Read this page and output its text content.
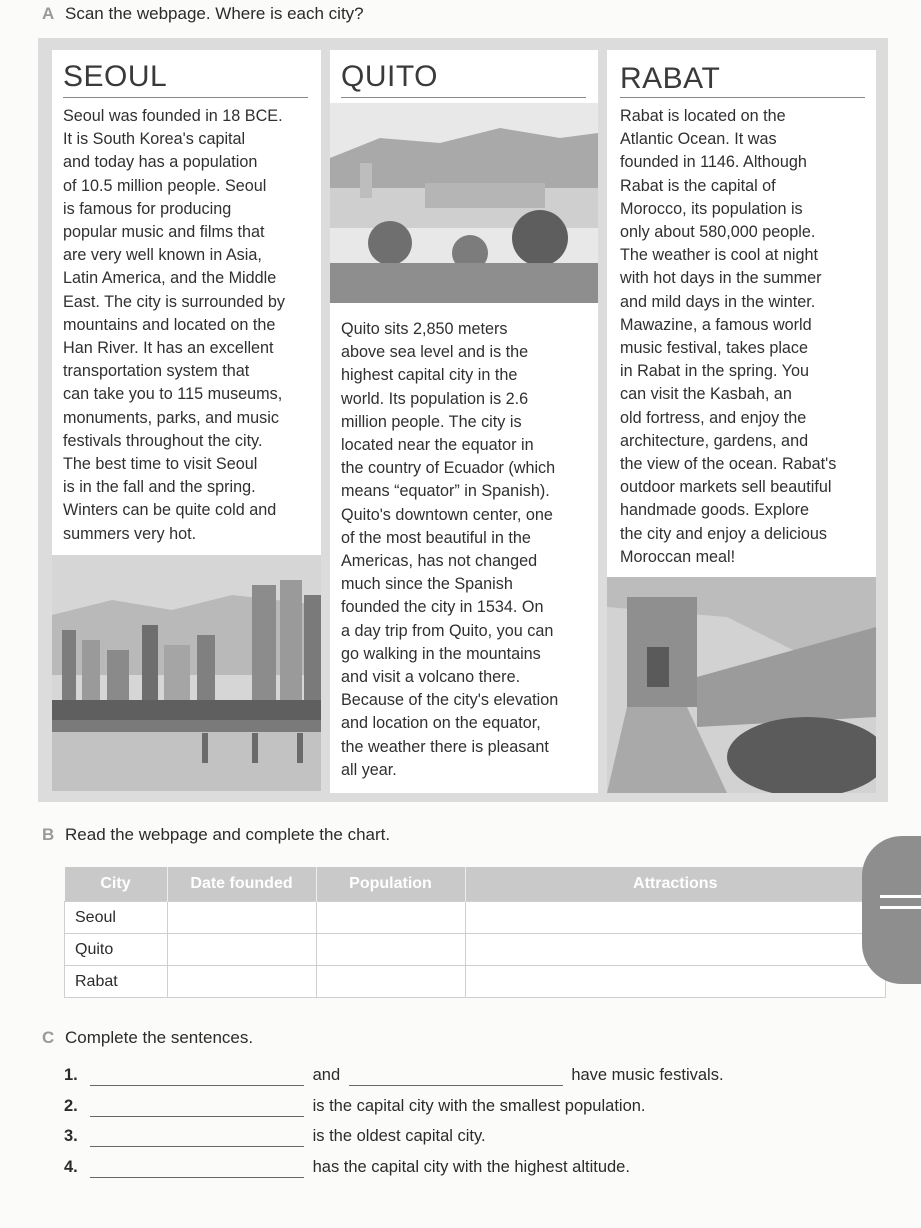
A Scan the webpage. Where is each city?
SEOUL
Seoul was founded in 18 BCE.
It is South Korea's capital
and today has a population
of 10.5 million people. Seoul
is famous for producing
popular music and films that
are very well known in Asia,
Latin America, and the Middle
East. The city is surrounded by
mountains and located on the
Han River. It has an excellent
transportation system that
can take you to 115 museums,
monuments, parks, and music
festivals throughout the city.
The best time to visit Seoul
is in the fall and the spring.
Winters can be quite cold and
summers very hot.
QUITO
Quito sits 2,850 meters
above sea level and is the
highest capital city in the
world. Its population is 2.6
million people. The city is
located near the equator in
the country of Ecuador (which
means “equator” in Spanish).
Quito's downtown center, one
of the most beautiful in the
Americas, has not changed
much since the Spanish
founded the city in 1534. On
a day trip from Quito, you can
go walking in the mountains
and visit a volcano there.
Because of the city's elevation
and location on the equator,
the weather there is pleasant
all year.
RABAT
Rabat is located on the
Atlantic Ocean. It was
founded in 1146. Although
Rabat is the capital of
Morocco, its population is
only about 580,000 people.
The weather is cool at night
with hot days in the summer
and mild days in the winter.
Mawazine, a famous world
music festival, takes place
in Rabat in the spring. You
can visit the Kasbah, an
old fortress, and enjoy the
architecture, gardens, and
the view of the ocean. Rabat's
outdoor markets sell beautiful
handmade goods. Explore
the city and enjoy a delicious
Moroccan meal!
B Read the webpage and complete the chart.
City	Date founded	Population	Attractions
Seoul			
Quito			
Rabat			
C Complete the sentences.
1.	and	have music festivals.
2.	is the capital city with the smallest population.
3.	is the oldest capital city.
4.	has the capital city with the highest altitude.
